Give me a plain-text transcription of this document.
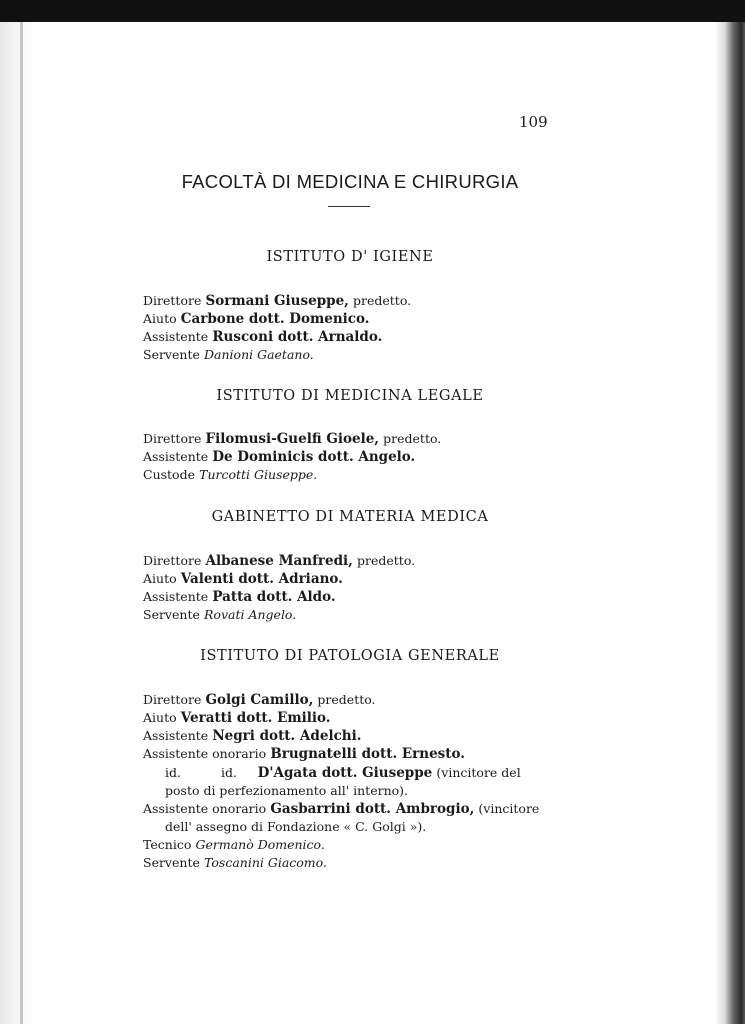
109
FACOLTÀ DI MEDICINA E CHIRURGIA
ISTITUTO D' IGIENE
Direttore Sormani Giuseppe, predetto.
Aiuto Carbone dott. Domenico.
Assistente Rusconi dott. Arnaldo.
Servente Danioni Gaetano.
ISTITUTO DI MEDICINA LEGALE
Direttore Filomusi-Guelfi Gioele, predetto.
Assistente De Dominicis dott. Angelo.
Custode Turcotti Giuseppe.
GABINETTO DI MATERIA MEDICA
Direttore Albanese Manfredi, predetto.
Aiuto Valenti dott. Adriano.
Assistente Patta dott. Aldo.
Servente Rovati Angelo.
ISTITUTO DI PATOLOGIA GENERALE
Direttore Golgi Camillo, predetto.
Aiuto Veratti dott. Emilio.
Assistente Negri dott. Adelchi.
Assistente onorario Brugnatelli dott. Ernesto.
id.	id. D'Agata dott. Giuseppe (vincitore del
posto di perfezionamento all' interno).
Assistente onorario Gasbarrini dott. Ambrogio, (vincitore
dell' assegno di Fondazione « C. Golgi »).
Tecnico Germanò Domenico.
Servente Toscanini Giacomo.
